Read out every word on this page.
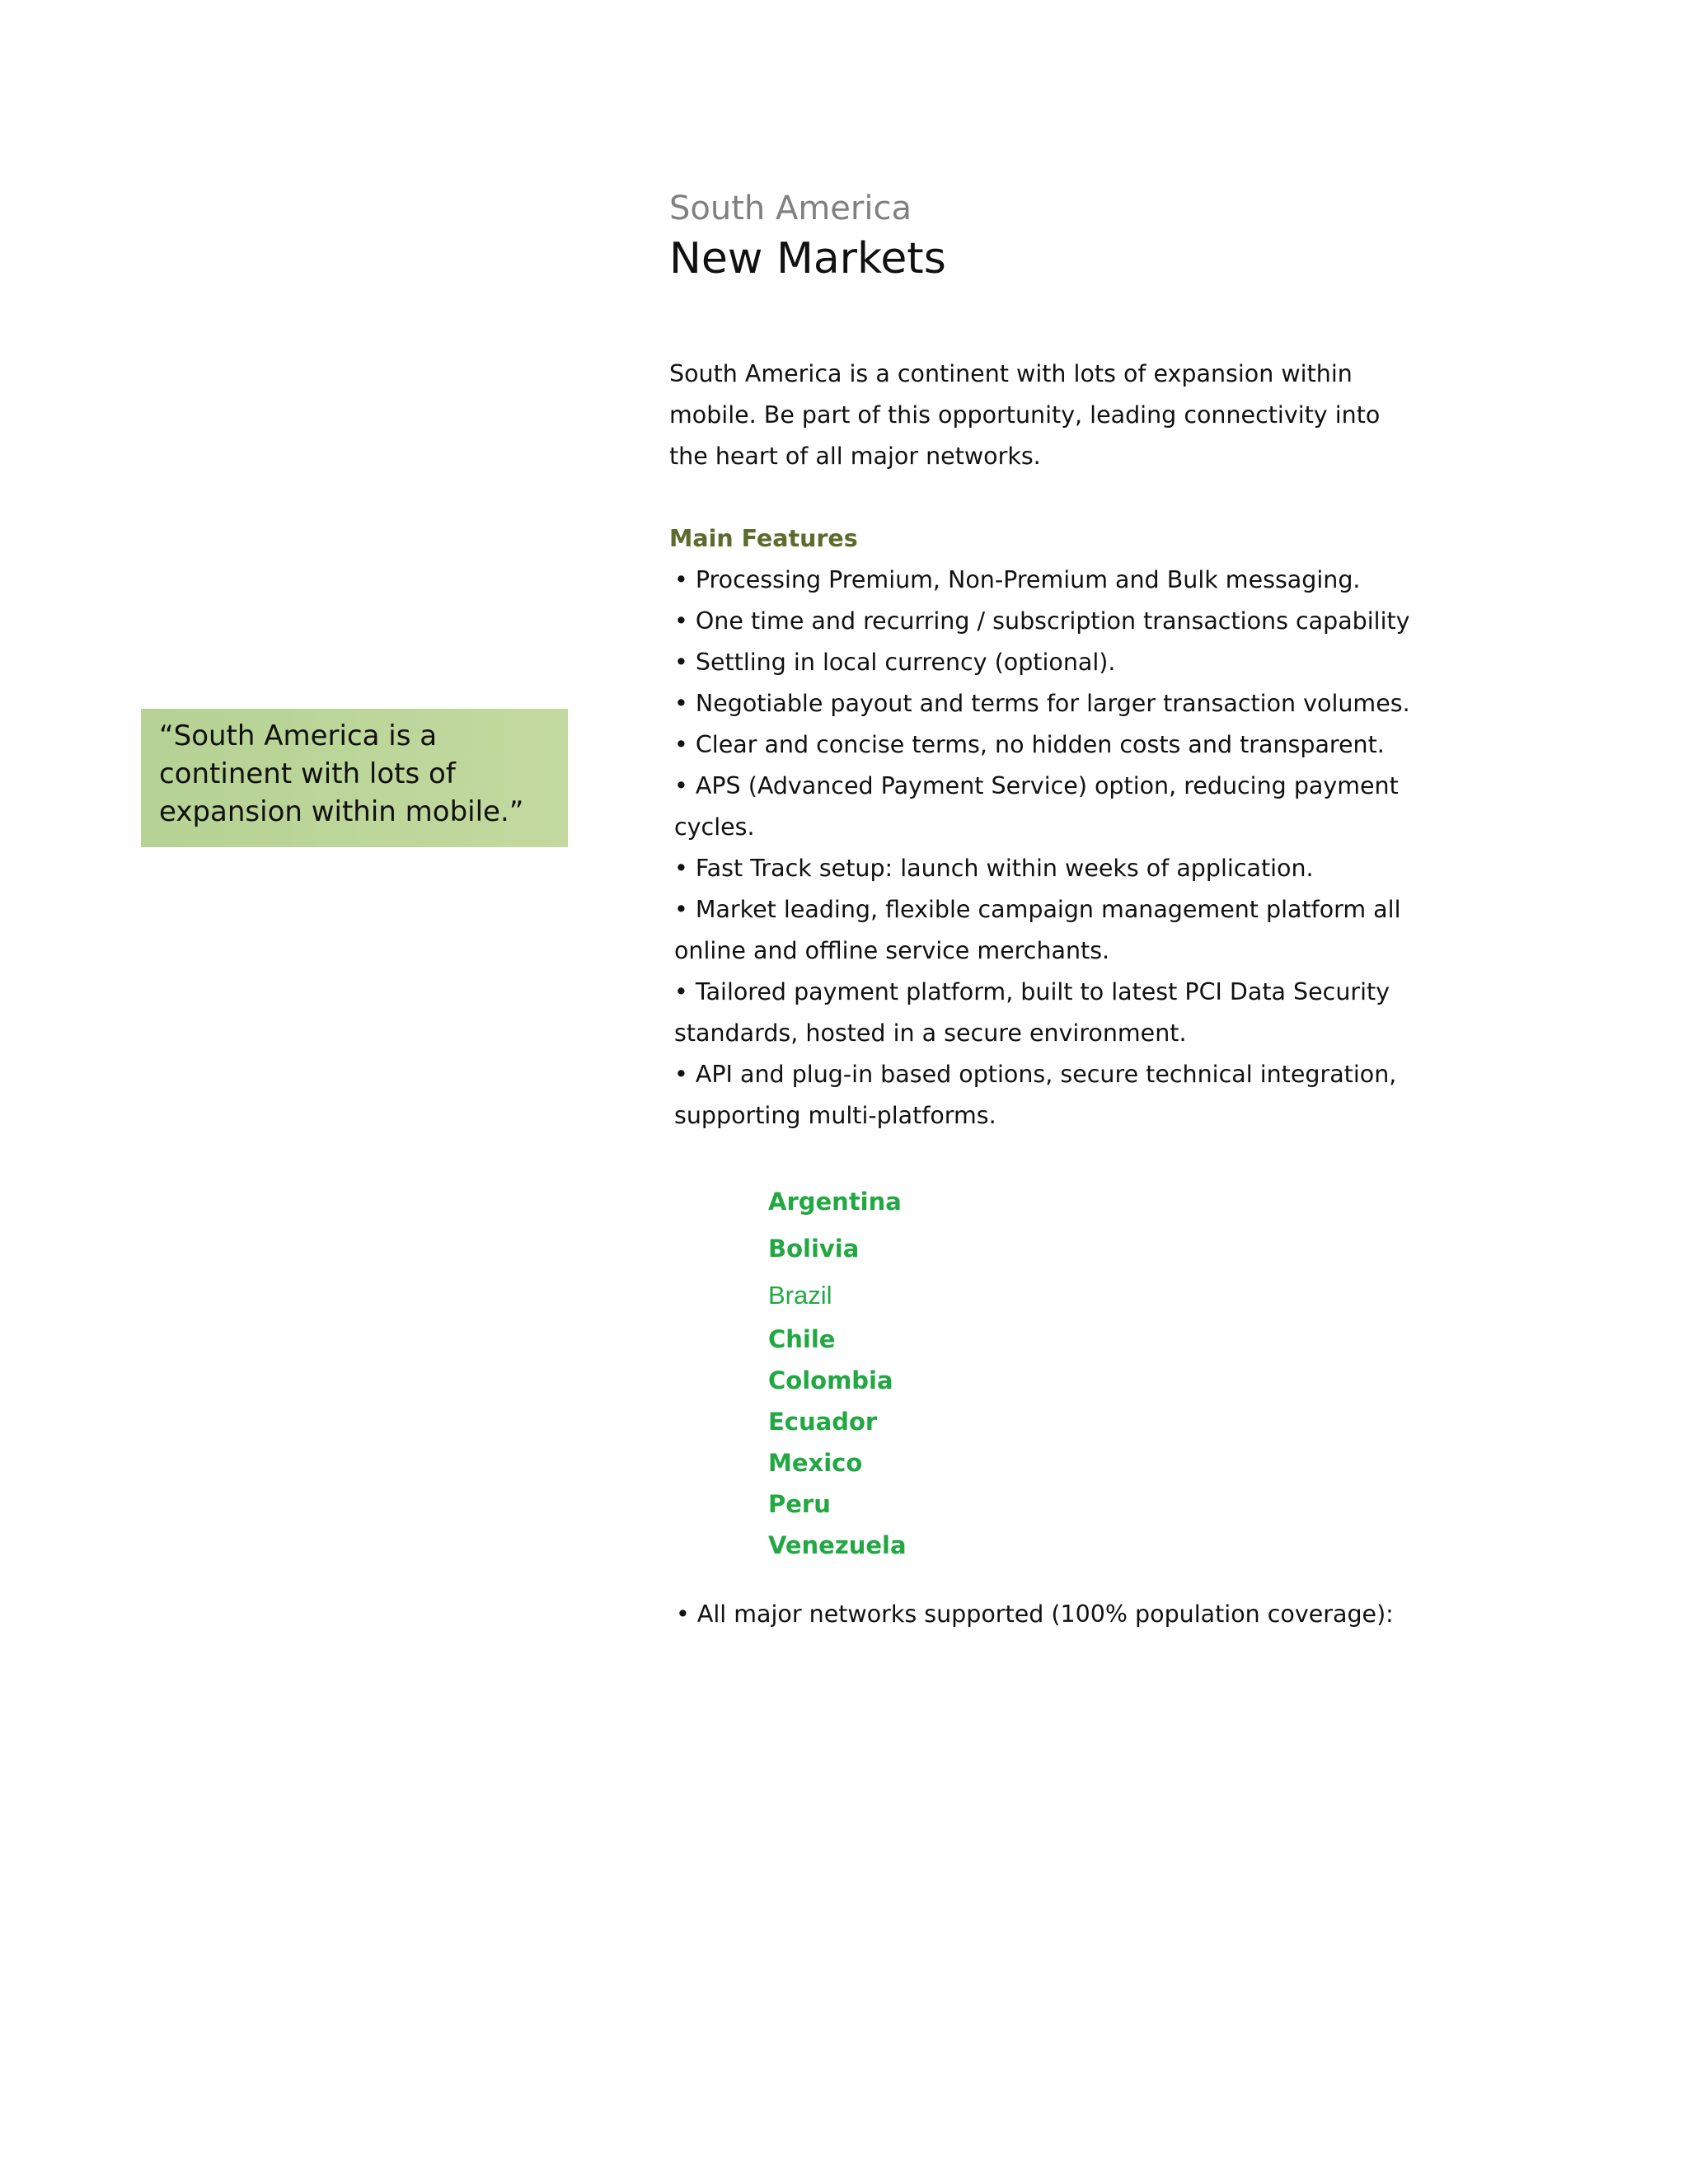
“South America is a continent with lots of expansion within mobile.”

South America

New Markets
South America is a continent with lots of expansion within mobile. Be part of this opportunity, leading connectivity into the heart of all major networks.
Main Features
• Processing Premium, Non-Premium and Bulk messaging.
• One time and recurring / subscription transactions capability
• Settling in local currency (optional).
• Negotiable payout and terms for larger transaction volumes.
• Clear and concise terms, no hidden costs and transparent.
• APS (Advanced Payment Service) option, reducing payment cycles.
• Fast Track setup: launch within weeks of application.
• Market leading, flexible campaign management platform all online and offline service merchants.
• Tailored payment platform, built to latest PCI Data Security standards, hosted in a secure environment.
• API and plug-in based options, secure technical integration, supporting multi-platforms.
Argentina
Bolivia
Brazil
Chile
Colombia
Ecuador
Mexico
Peru
Venezuela
• All major networks supported (100% population coverage):
